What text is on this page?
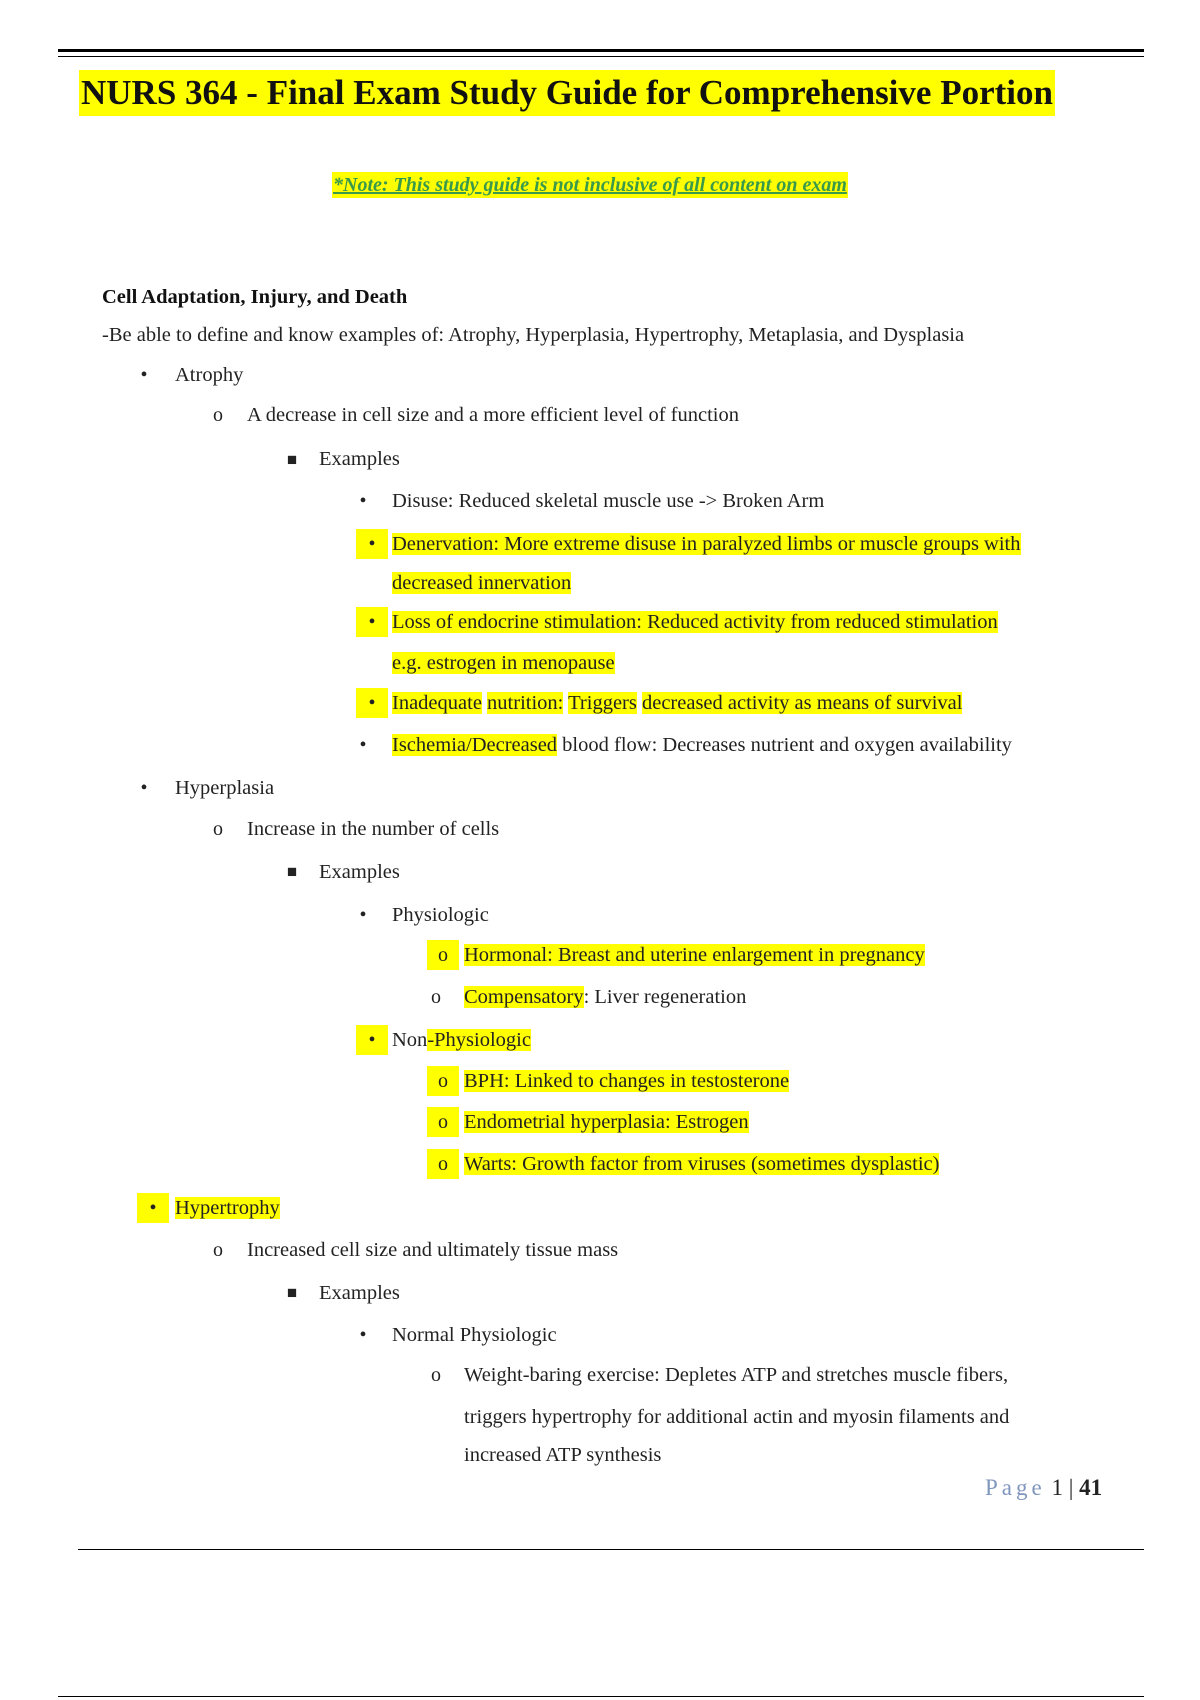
NURS 364 - Final Exam Study Guide for Comprehensive Portion
*Note: This study guide is not inclusive of all content on exam
Cell Adaptation, Injury, and Death
-Be able to define and know examples of: Atrophy, Hyperplasia, Hypertrophy, Metaplasia, and Dysplasia
•	Atrophy
o	A decrease in cell size and a more efficient level of function
■	Examples
•	Disuse: Reduced skeletal muscle use -> Broken Arm
• Denervation: More extreme disuse in paralyzed limbs or muscle groups with
decreased innervation
• Loss of endocrine stimulation: Reduced activity from reduced stimulation
e.g. estrogen in menopause
• Inadequate nutrition: Triggers decreased activity as means of survival
•	Ischemia/Decreased blood flow: Decreases nutrient and oxygen availability
•	Hyperplasia
o	Increase in the number of cells
■	Examples
•	Physiologic
o Hormonal: Breast and uterine enlargement in pregnancy
o	Compensatory: Liver regeneration
• Non-Physiologic
o BPH: Linked to changes in testosterone
o Endometrial hyperplasia: Estrogen
o Warts: Growth factor from viruses (sometimes dysplastic)
• Hypertrophy
o	Increased cell size and ultimately tissue mass
■	Examples
•	Normal Physiologic
o	Weight-baring exercise: Depletes ATP and stretches muscle fibers,
triggers hypertrophy for additional actin and myosin filaments and
increased ATP synthesis
Page 1 | 41
